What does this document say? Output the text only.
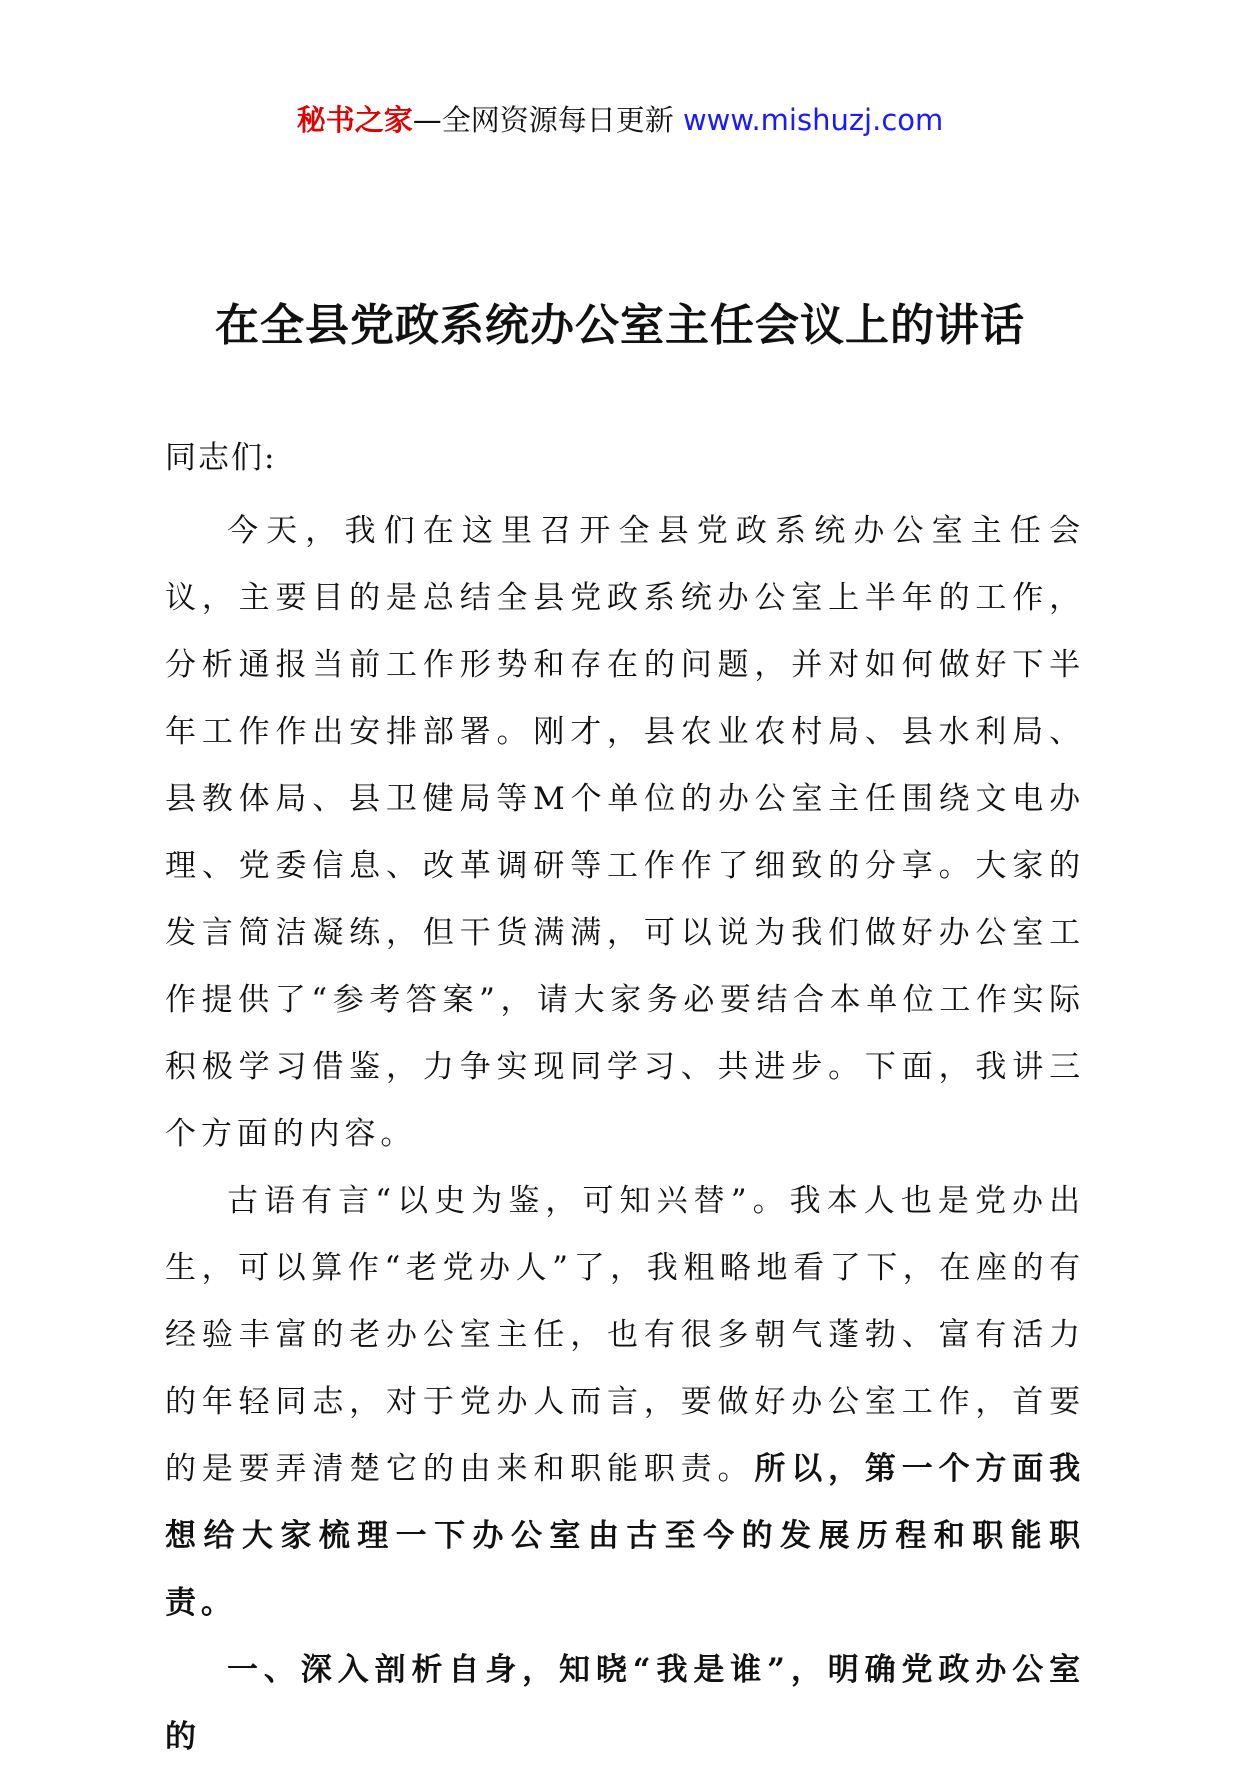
秘书之家—全网资源每日更新 www.mishuzj.com
在全县党政系统办公室主任会议上的讲话
同志们:

今天，我们在这里召开全县党政系统办公室主任会议，主要目的是总结全县党政系统办公室上半年的工作，分析通报当前工作形势和存在的问题，并对如何做好下半年工作作出安排部署。刚才，县农业农村局、县水利局、县教体局、县卫健局等M个单位的办公室主任围绕文电办理、党委信息、改革调研等工作作了细致的分享。大家的发言简洁凝练，但干货满满，可以说为我们做好办公室工作提供了“参考答案”，请大家务必要结合本单位工作实际积极学习借鉴，力争实现同学习、共进步。下面，我讲三个方面的内容。

古语有言“以史为鉴，可知兴替”。我本人也是党办出生，可以算作“老党办人”了，我粗略地看了下，在座的有经验丰富的老办公室主任，也有很多朝气蓬勃、富有活力的年轻同志，对于党办人而言，要做好办公室工作，首要的是要弄清楚它的由来和职能职责。所以，第一个方面我想给大家梳理一下办公室由古至今的发展历程和职能职责。

一、深入剖析自身，知晓“我是谁”，明确党政办公室的
